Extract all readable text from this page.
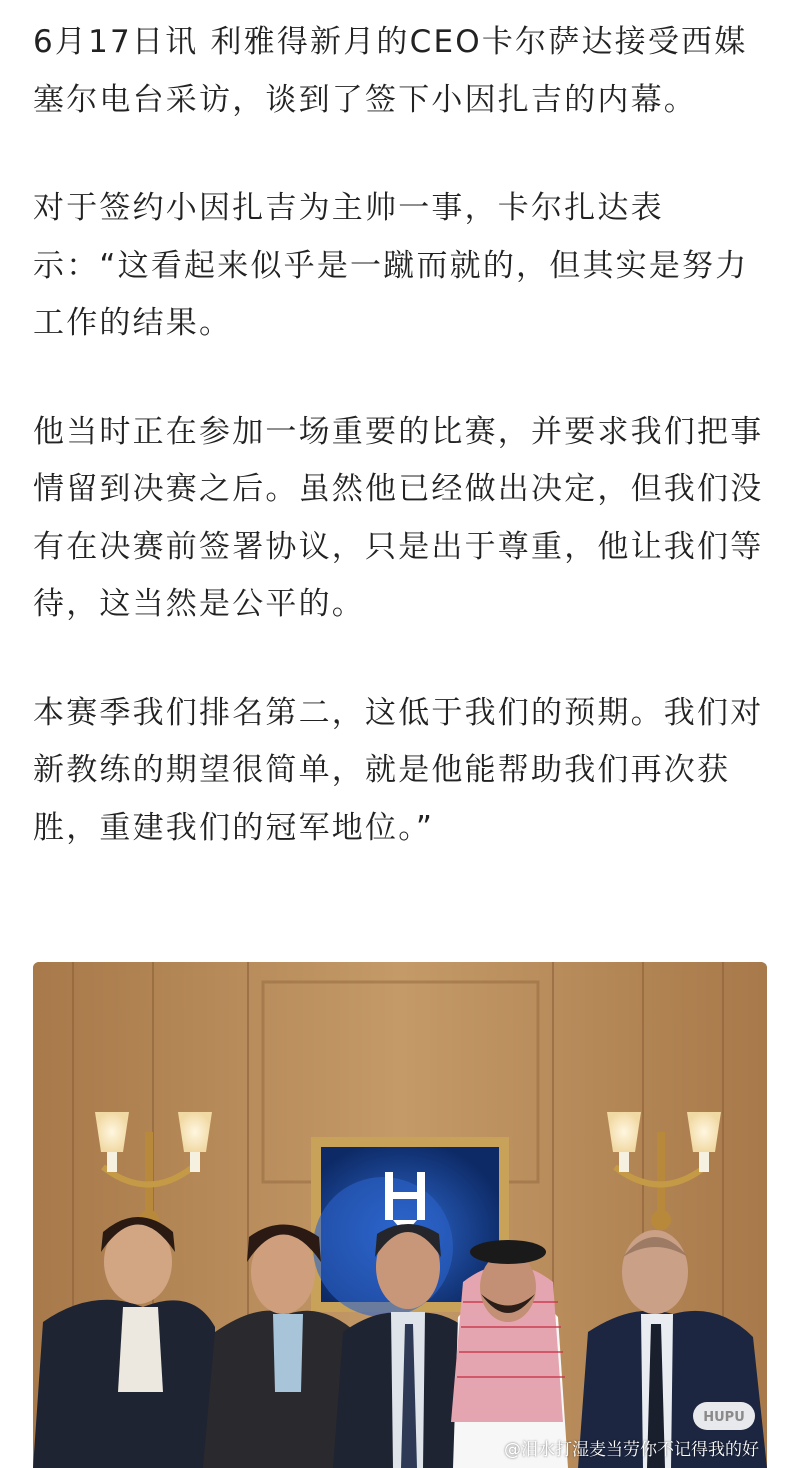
6月17日讯 利雅得新月的CEO卡尔萨达接受西媒塞尔电台采访，谈到了签下小因扎吉的内幕。

对于签约小因扎吉为主帅一事，卡尔扎达表示：“这看起来似乎是一蹴而就的，但其实是努力工作的结果。

他当时正在参加一场重要的比赛，并要求我们把事情留到决赛之后。虽然他已经做出决定，但我们没有在决赛前签署协议，只是出于尊重，他让我们等待，这当然是公平的。

本赛季我们排名第二，这低于我们的预期。我们对新教练的期望很简单，就是他能帮助我们再次获胜，重建我们的冠军地位。”

HUPU
@泪水打湿麦当劳你不记得我的好
